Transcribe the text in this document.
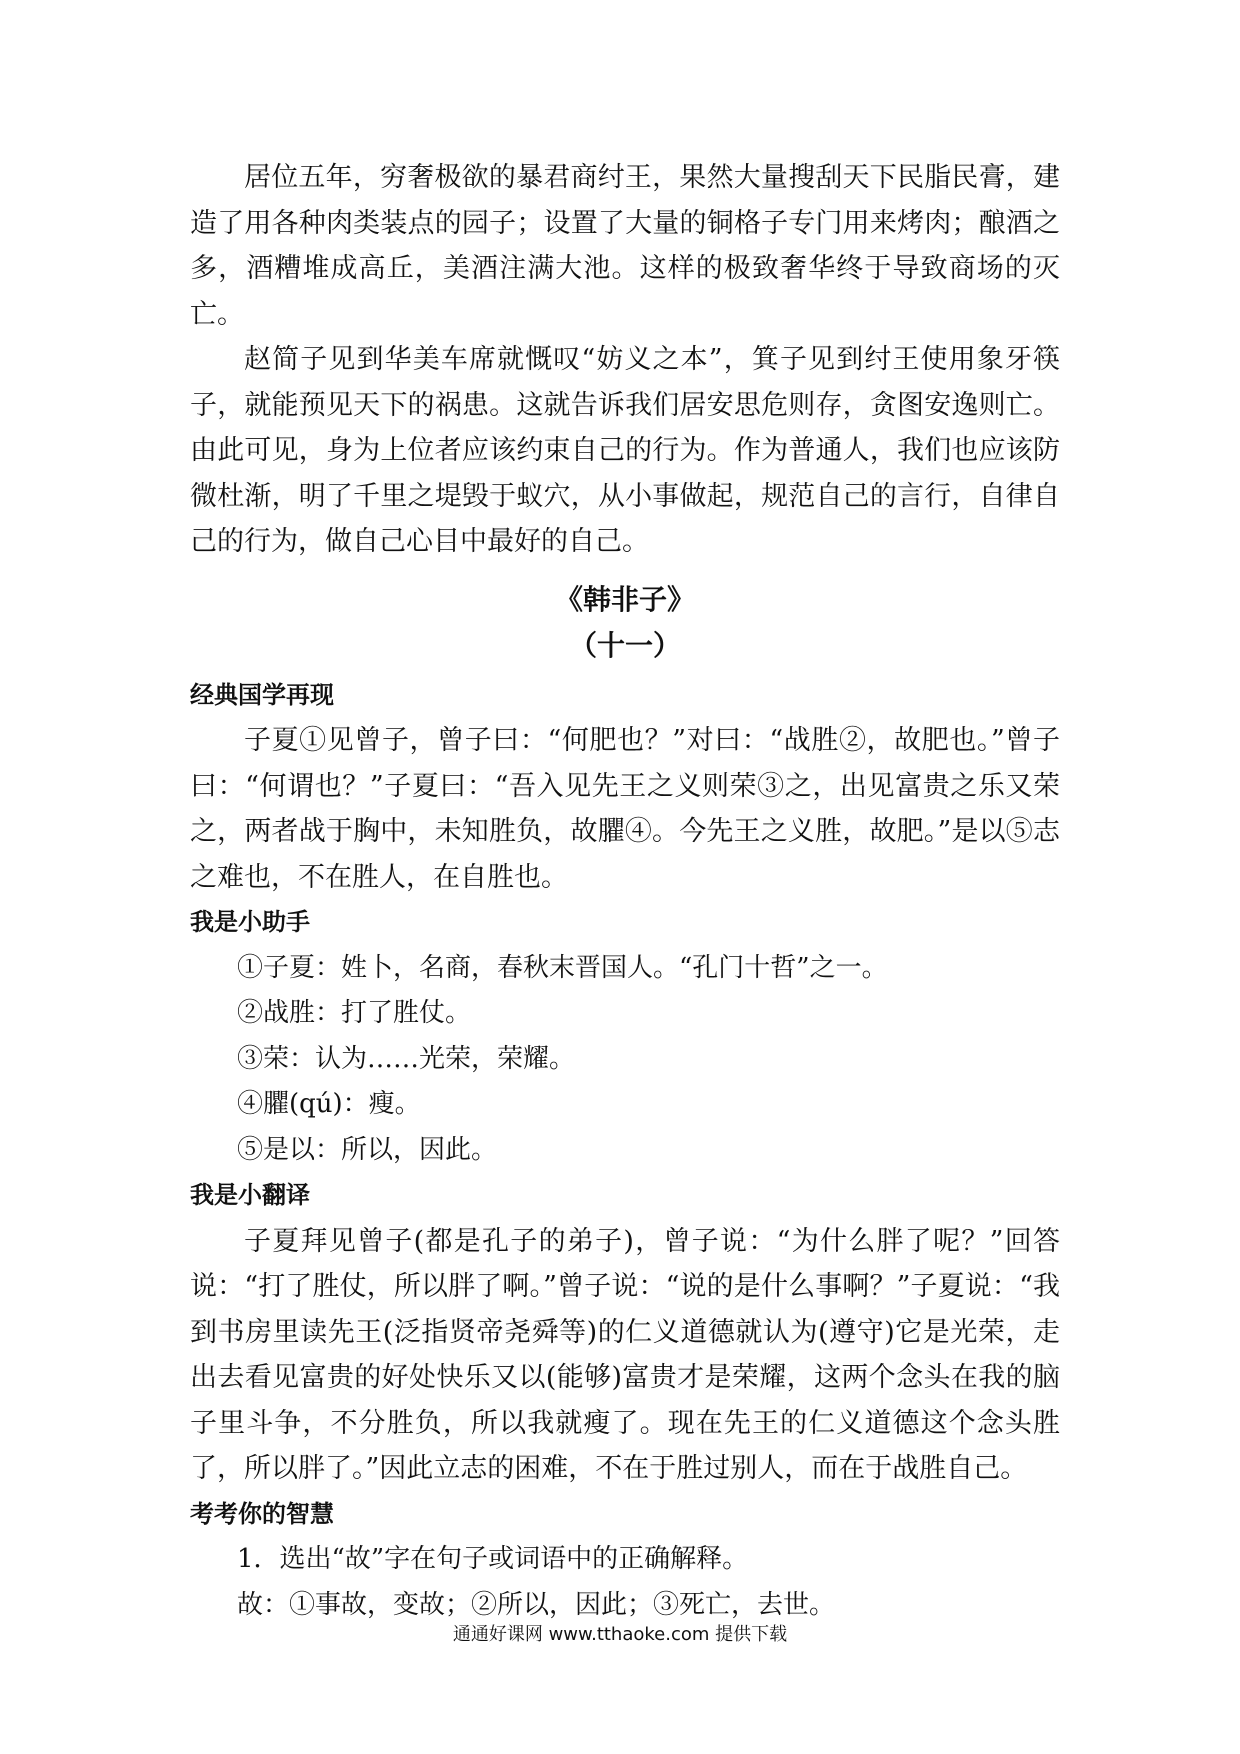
居位五年，穷奢极欲的暴君商纣王，果然大量搜刮天下民脂民膏，建造了用各种肉类装点的园子；设置了大量的铜格子专门用来烤肉；酿酒之多，酒糟堆成高丘，美酒注满大池。这样的极致奢华终于导致商场的灭亡。

赵简子见到华美车席就慨叹“妨义之本”，箕子见到纣王使用象牙筷子，就能预见天下的祸患。这就告诉我们居安思危则存，贪图安逸则亡。由此可见，身为上位者应该约束自己的行为。作为普通人，我们也应该防微杜渐，明了千里之堤毁于蚁穴，从小事做起，规范自己的言行，自律自己的行为，做自己心目中最好的自己。

《韩非子》
（十一）
经典国学再现

子夏①见曾子，曾子曰：“何肥也？”对曰：“战胜②，故肥也。”曾子曰：“何谓也？”子夏曰：“吾入见先王之义则荣③之，出见富贵之乐又荣之，两者战于胸中，未知胜负，故臞④。今先王之义胜，故肥。”是以⑤志之难也，不在胜人，在自胜也。

我是小助手

①子夏：姓卜，名商，春秋末晋国人。“孔门十哲”之一。

②战胜：打了胜仗。

③荣：认为……光荣，荣耀。

④臞(qú)：瘦。

⑤是以：所以，因此。

我是小翻译

子夏拜见曾子(都是孔子的弟子)，曾子说：“为什么胖了呢？”回答说：“打了胜仗，所以胖了啊。”曾子说：“说的是什么事啊？”子夏说：“我到书房里读先王(泛指贤帝尧舜等)的仁义道德就认为(遵守)它是光荣，走出去看见富贵的好处快乐又以(能够)富贵才是荣耀，这两个念头在我的脑子里斗争，不分胜负，所以我就瘦了。现在先王的仁义道德这个念头胜了，所以胖了。”因此立志的困难，不在于胜过别人，而在于战胜自己。

考考你的智慧

1．选出“故”字在句子或词语中的正确解释。

故：①事故，变故；②所以，因此；③死亡，去世。

通通好课网 www.tthaoke.com 提供下载
